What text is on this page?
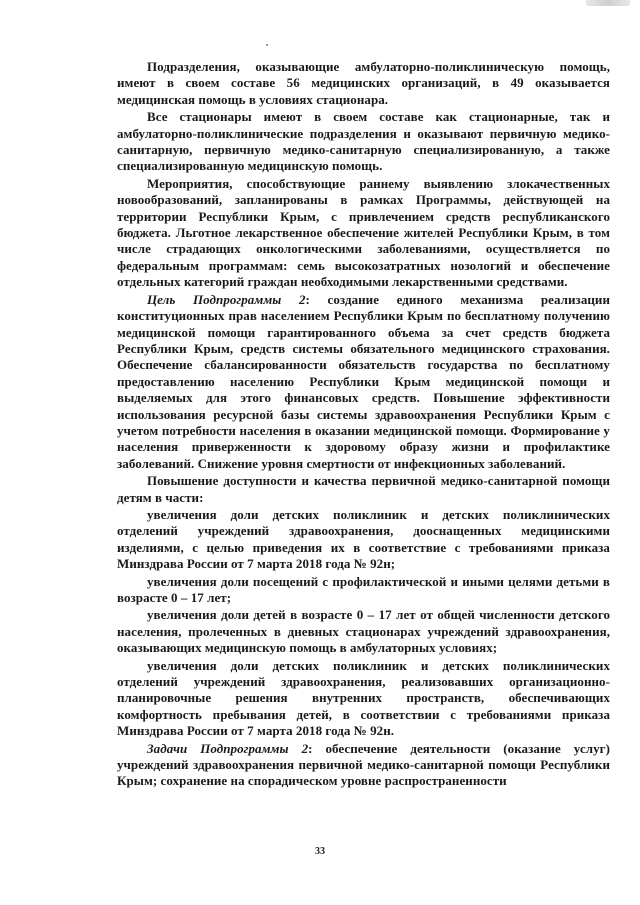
Подразделения, оказывающие амбулаторно-поликлиническую помощь, имеют в своем составе 56 медицинских организаций, в 49 оказывается медицинская помощь в условиях стационара.

Все стационары имеют в своем составе как стационарные, так и амбулаторно-поликлинические подразделения и оказывают первичную медико-санитарную, первичную медико-санитарную специализированную, а также специализированную медицинскую помощь.

Мероприятия, способствующие раннему выявлению злокачественных новообразований, запланированы в рамках Программы, действующей на территории Республики Крым, с привлечением средств республиканского бюджета. Льготное лекарственное обеспечение жителей Республики Крым, в том числе страдающих онкологическими заболеваниями, осуществляется по федеральным программам: семь высокозатратных нозологий и обеспечение отдельных категорий граждан необходимыми лекарственными средствами.

Цель Подпрограммы 2: создание единого механизма реализации конституционных прав населением Республики Крым по бесплатному получению медицинской помощи гарантированного объема за счет средств бюджета Республики Крым, средств системы обязательного медицинского страхования. Обеспечение сбалансированности обязательств государства по бесплатному предоставлению населению Республики Крым медицинской помощи и выделяемых для этого финансовых средств. Повышение эффективности использования ресурсной базы системы здравоохранения Республики Крым с учетом потребности населения в оказании медицинской помощи. Формирование у населения приверженности к здоровому образу жизни и профилактике заболеваний. Снижение уровня смертности от инфекционных заболеваний.

Повышение доступности и качества первичной медико-санитарной помощи детям в части:

увеличения доли детских поликлиник и детских поликлинических отделений учреждений здравоохранения, дооснащенных медицинскими изделиями, с целью приведения их в соответствие с требованиями приказа Минздрава России от 7 марта 2018 года № 92н;

увеличения доли посещений с профилактической и иными целями детьми в возрасте 0 – 17 лет;

увеличения доли детей в возрасте 0 – 17 лет от общей численности детского населения, пролеченных в дневных стационарах учреждений здравоохранения, оказывающих медицинскую помощь в амбулаторных условиях;

увеличения доли детских поликлиник и детских поликлинических отделений учреждений здравоохранения, реализовавших организационно-планировочные решения внутренних пространств, обеспечивающих комфортность пребывания детей, в соответствии с требованиями приказа Минздрава России от 7 марта 2018 года № 92н.

Задачи Подпрограммы 2: обеспечение деятельности (оказание услуг) учреждений здравоохранения первичной медико-санитарной помощи Республики Крым; сохранение на спорадическом уровне распространенности

33
